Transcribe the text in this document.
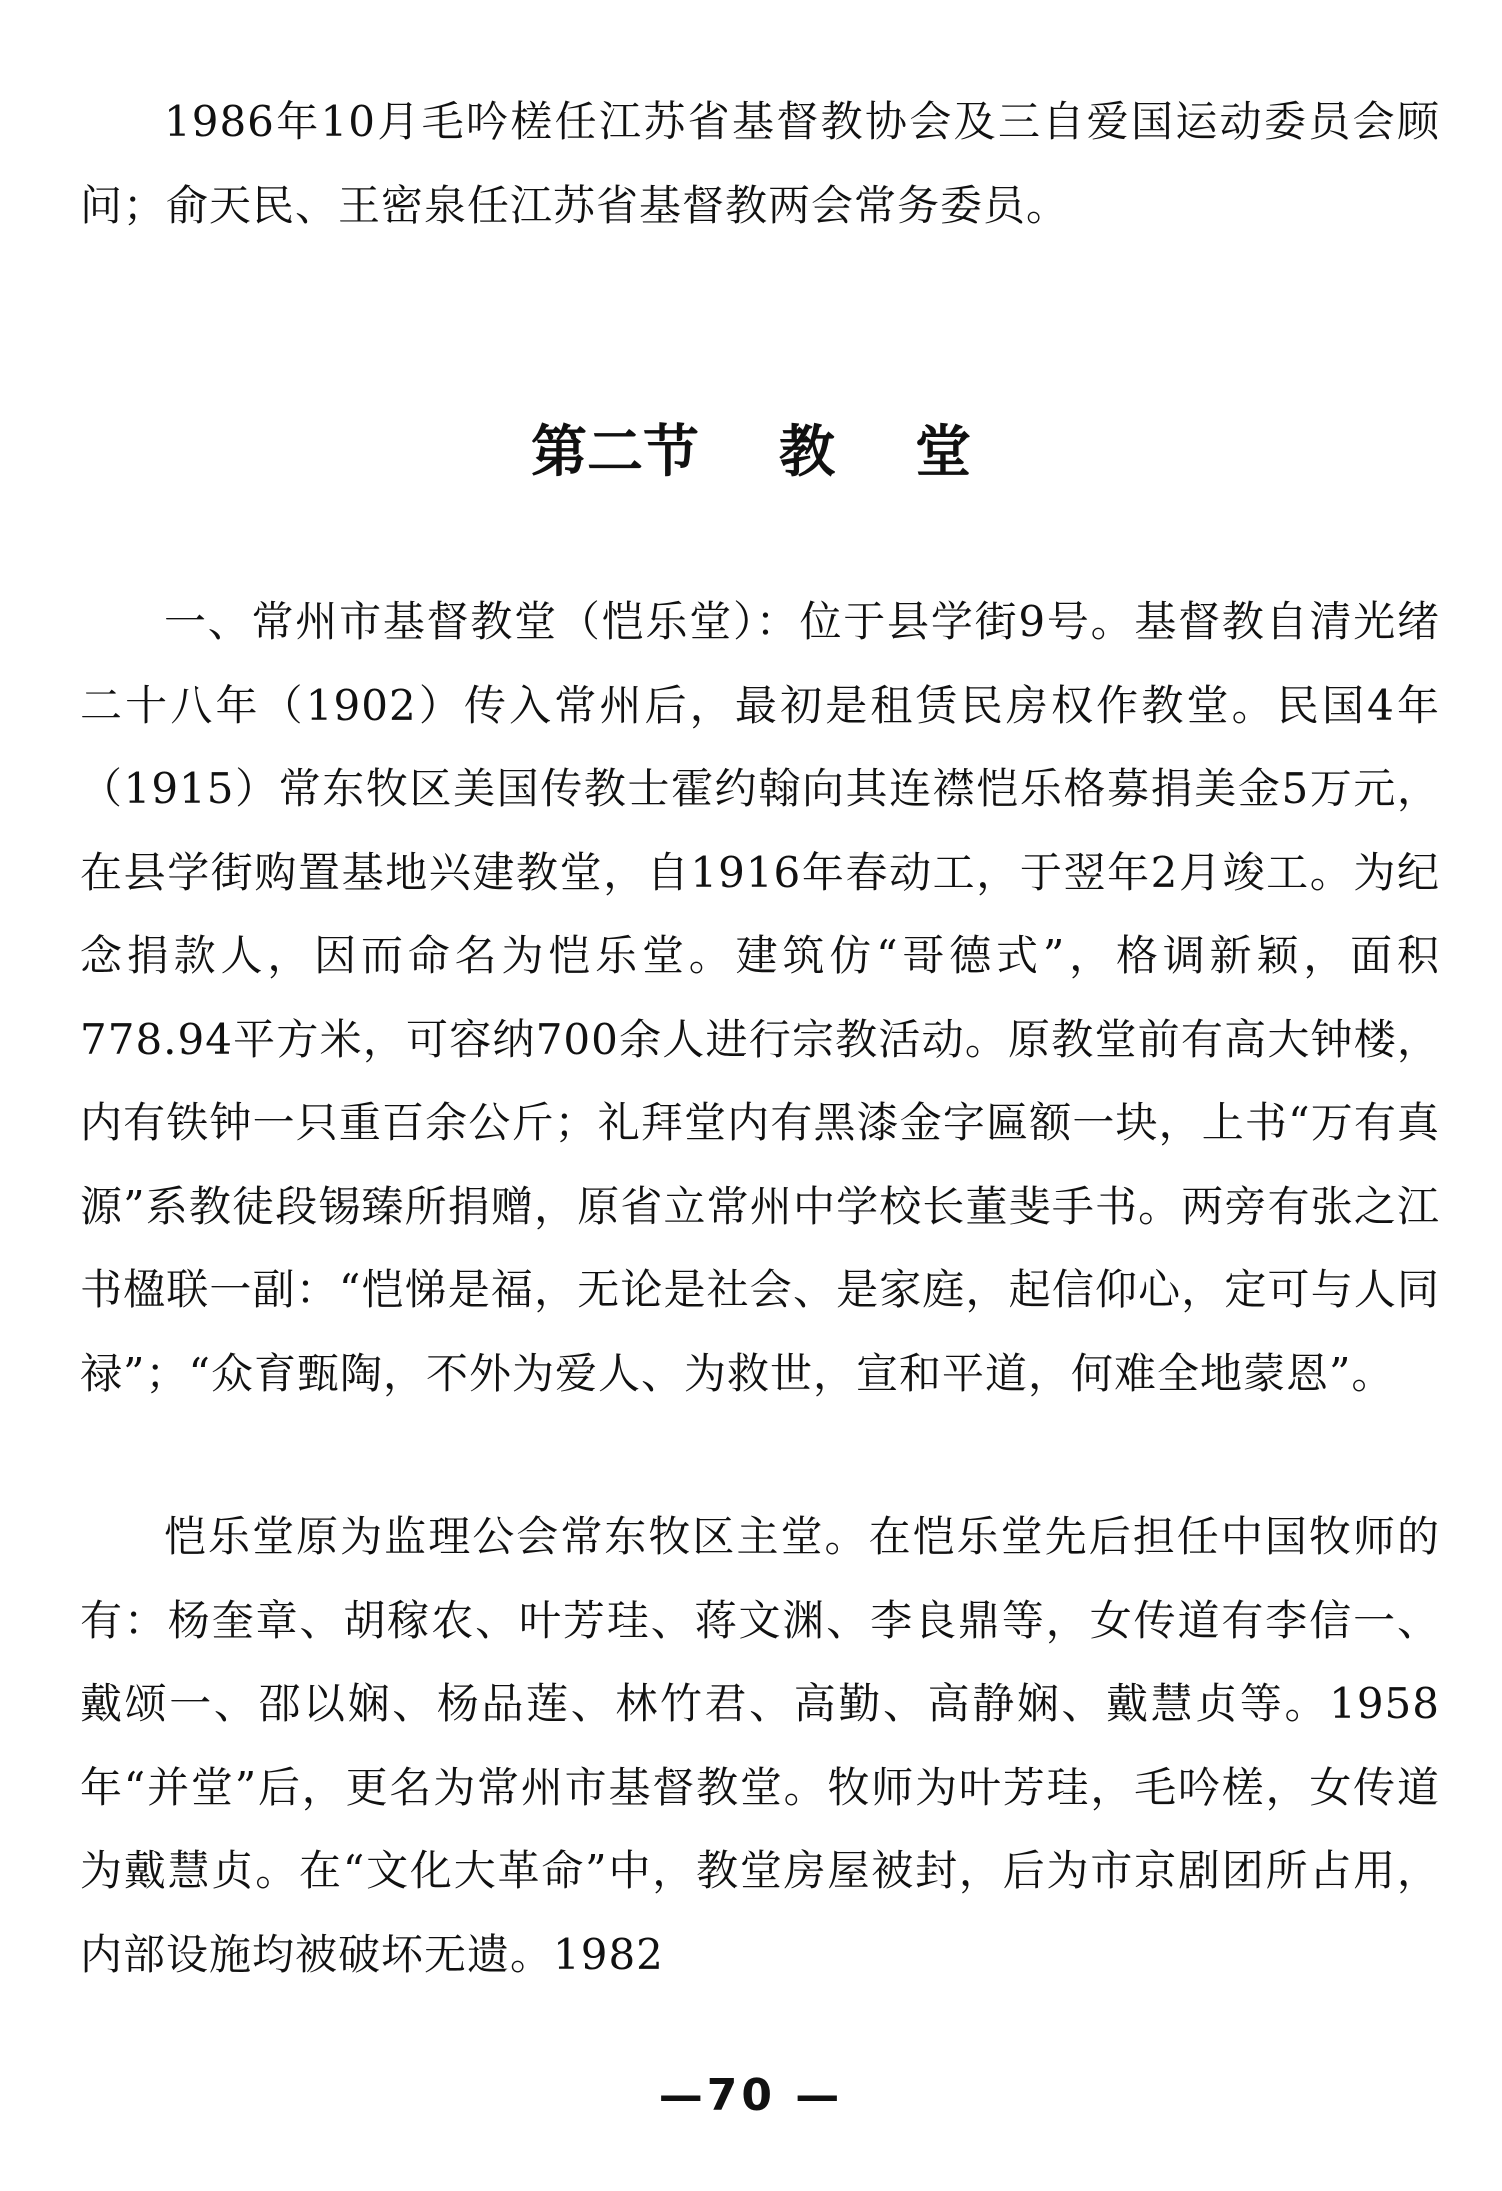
1986年10月毛吟槎任江苏省基督教协会及三自爱国运动委员会顾问；俞天民、王密泉任江苏省基督教两会常务委员。

第二节 教 堂

一、常州市基督教堂（恺乐堂）：位于县学街9号。基督教自清光绪二十八年（1902）传入常州后，最初是租赁民房权作教堂。民国4年（1915）常东牧区美国传教士霍约翰向其连襟恺乐格募捐美金5万元，在县学街购置基地兴建教堂，自1916年春动工，于翌年2月竣工。为纪念捐款人，因而命名为恺乐堂。建筑仿“哥德式”，格调新颖，面积778.94平方米，可容纳700余人进行宗教活动。原教堂前有高大钟楼，内有铁钟一只重百余公斤；礼拜堂内有黑漆金字匾额一块，上书“万有真源”系教徒段锡臻所捐赠，原省立常州中学校长董斐手书。两旁有张之江书楹联一副：“恺悌是福，无论是社会、是家庭，起信仰心，定可与人同禄”；“众育甄陶，不外为爱人、为救世，宣和平道，何难全地蒙恩”。

恺乐堂原为监理公会常东牧区主堂。在恺乐堂先后担任中国牧师的有：杨奎章、胡稼农、叶芳珪、蒋文渊、李良鼎等，女传道有李信一、戴颂一、邵以娴、杨品莲、林竹君、高勤、高静娴、戴慧贞等。1958年“并堂”后，更名为常州市基督教堂。牧师为叶芳珪，毛吟槎，女传道为戴慧贞。在“文化大革命”中，教堂房屋被封，后为市京剧团所占用，内部设施均被破坏无遗。1982

—70 —
